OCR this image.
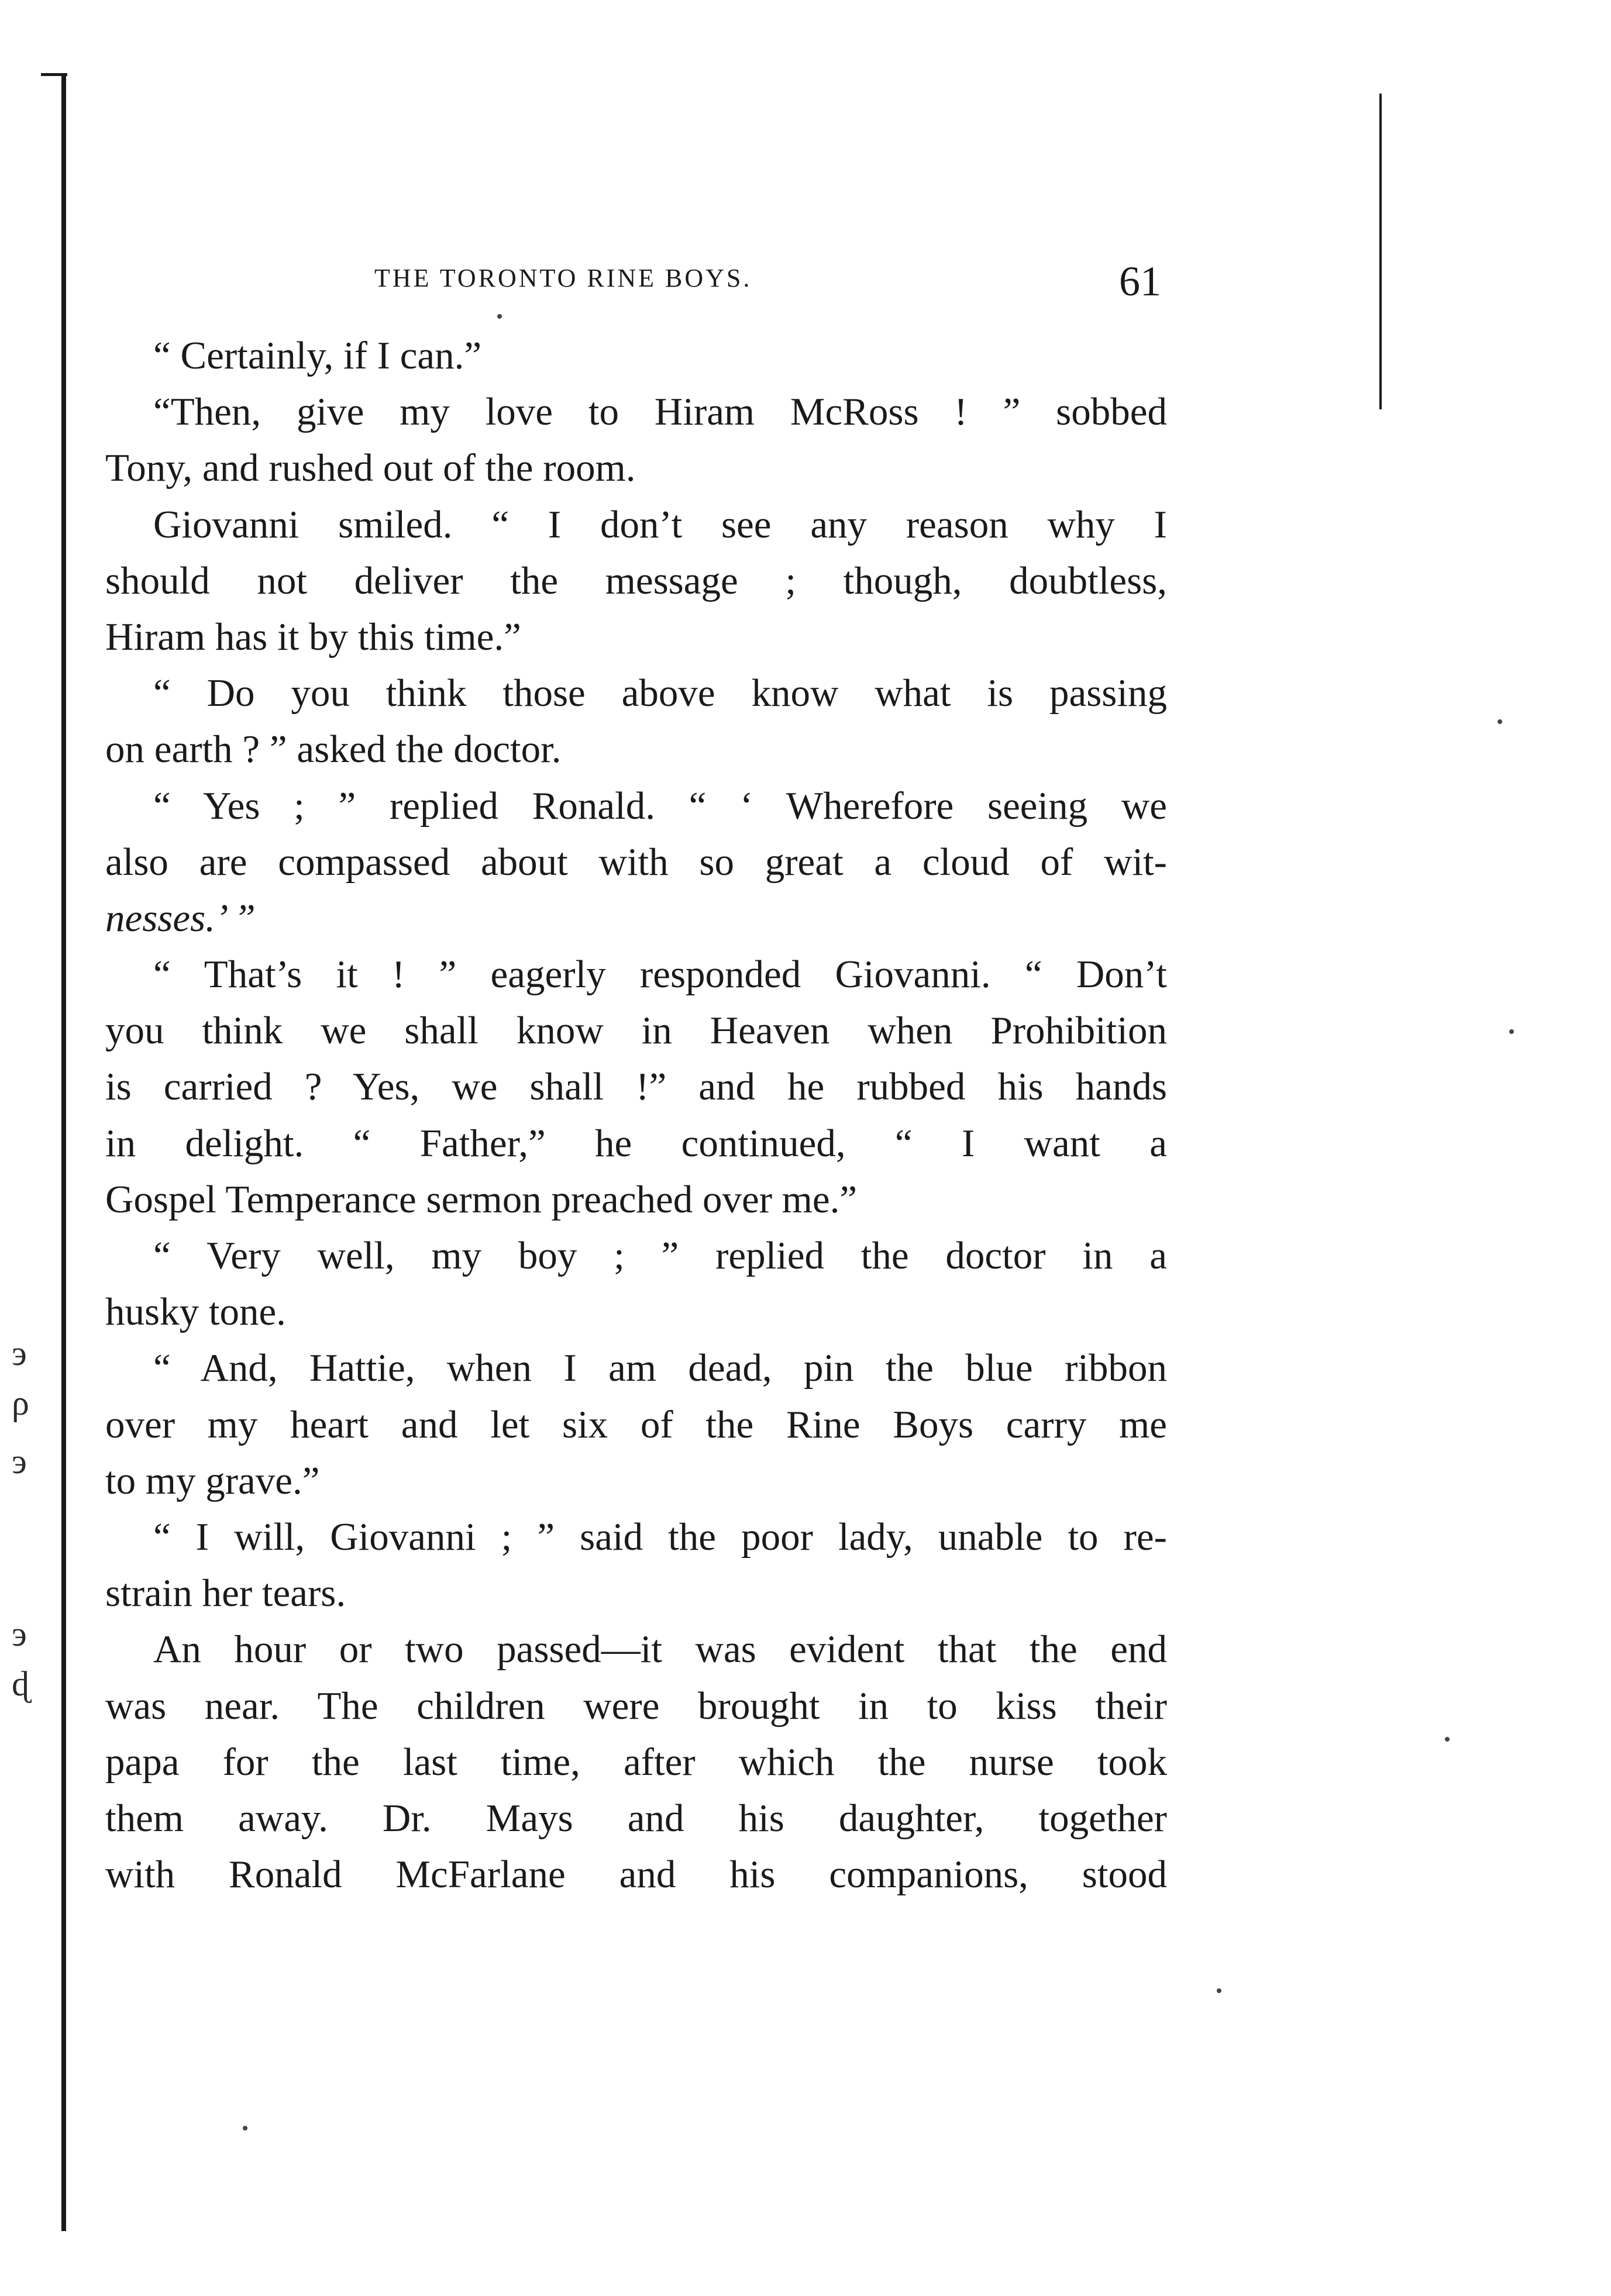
э
ρ
э
э
ɖ
THE TORONTO RINE BOYS.	61
“ Certainly, if I can.”
“Then, give my love to Hiram McRoss ! ” sobbed
Tony, and rushed out of the room.
Giovanni smiled. “ I don’t see any reason why I
should not deliver the message ; though, doubtless,
Hiram has it by this time.”
“ Do you think those above know what is passing
on earth ? ” asked the doctor.
“ Yes ; ” replied Ronald. “ ‘ Wherefore seeing we
also are compassed about with so great a cloud of wit-
nesses.’ ”
“ That’s it ! ” eagerly responded Giovanni. “ Don’t
you think we shall know in Heaven when Prohibition
is carried ? Yes, we shall !” and he rubbed his hands
in delight. “ Father,” he continued, “ I want a
Gospel Temperance sermon preached over me.”
“ Very well, my boy ; ” replied the doctor in a
husky tone.
“ And, Hattie, when I am dead, pin the blue ribbon
over my heart and let six of the Rine Boys carry me
to my grave.”
“ I will, Giovanni ; ” said the poor lady, unable to re-
strain her tears.
An hour or two passed—it was evident that the end
was near. The children were brought in to kiss their
papa for the last time, after which the nurse took
them away. Dr. Mays and his daughter, together
with Ronald McFarlane and his companions, stood
